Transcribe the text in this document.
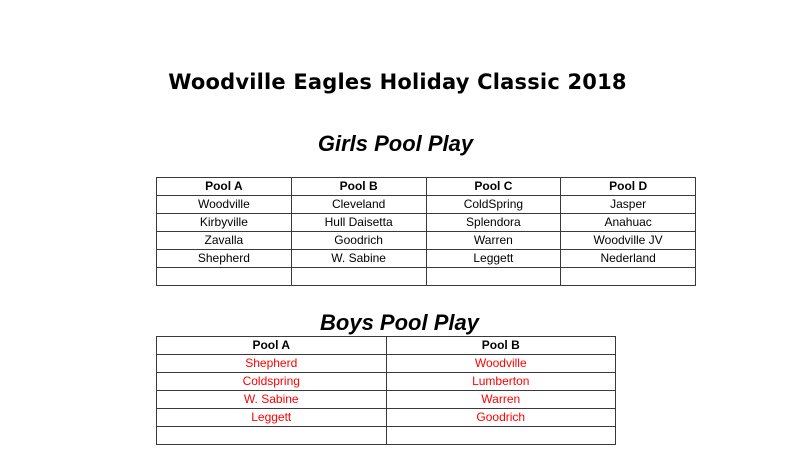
Woodville Eagles Holiday Classic 2018
Girls Pool Play
Pool A	Pool B	Pool C	Pool D
Woodville	Cleveland	ColdSpring	Jasper
Kirbyville	Hull Daisetta	Splendora	Anahuac
Zavalla	Goodrich	Warren	Woodville JV
Shepherd	W. Sabine	Leggett	Nederland

Boys Pool Play
Pool A	Pool B
Shepherd	Woodville
Coldspring	Lumberton
W. Sabine	Warren
Leggett	Goodrich
